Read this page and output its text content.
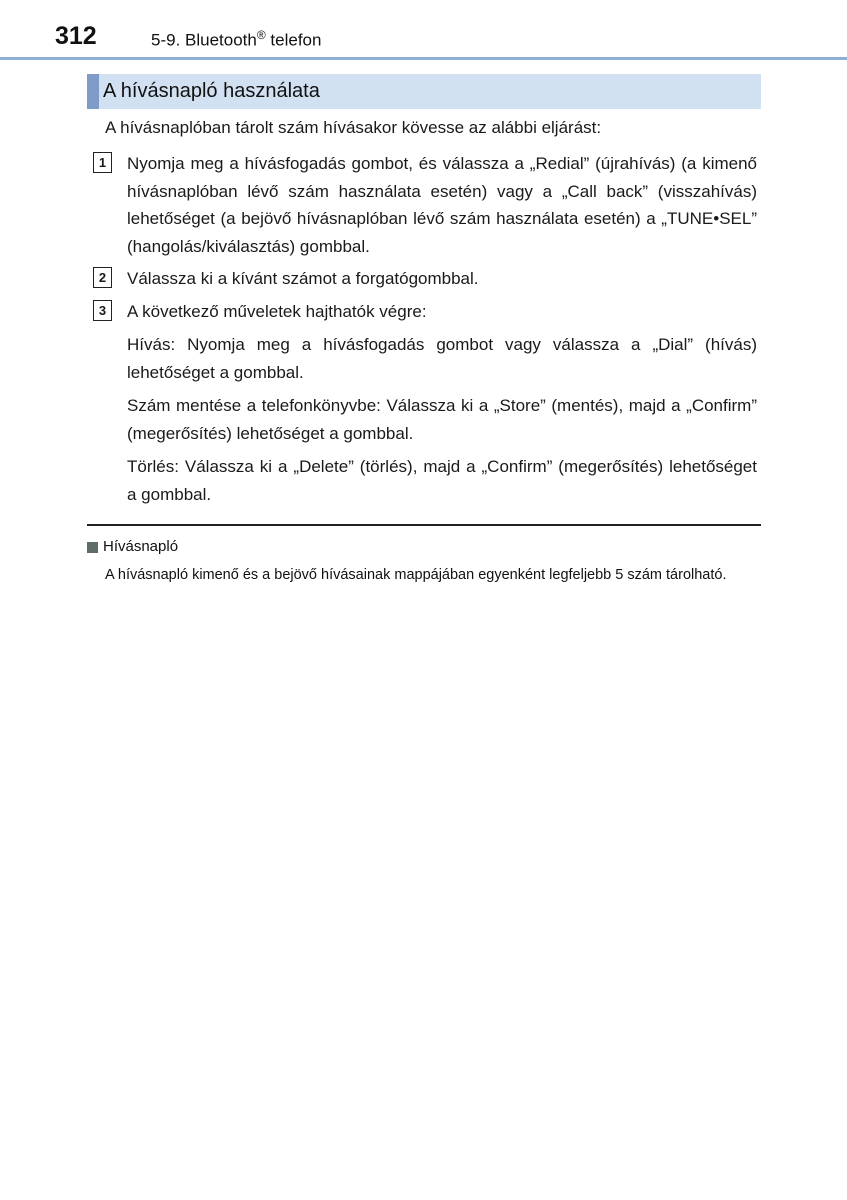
312	5-9. Bluetooth® telefon
A hívásnapló használata
A hívásnaplóban tárolt szám hívásakor kövesse az alábbi eljárást:
1	Nyomja meg a hívásfogadás gombot, és válassza a „Redial” (újrahívás) (a kimenő hívásnaplóban lévő szám használata esetén) vagy a „Call back” (visszahívás) lehetőséget (a bejövő hívásnaplóban lévő szám használata esetén) a „TUNE•SEL” (hangolás/kiválasztás) gombbal.
2	Válassza ki a kívánt számot a forgatógombbal.
3	A következő műveletek hajthatók végre:
Hívás: Nyomja meg a hívásfogadás gombot vagy válassza a „Dial” (hívás) lehetőséget a gombbal.
Szám mentése a telefonkönyvbe: Válassza ki a „Store” (mentés), majd a „Confirm” (megerősítés) lehetőséget a gombbal.
Törlés: Válassza ki a „Delete” (törlés), majd a „Confirm” (megerősítés) lehetőséget a gombbal.
Hívásnapló
A hívásnapló kimenő és a bejövő hívásainak mappájában egyenként legfeljebb 5 szám tárolható.
